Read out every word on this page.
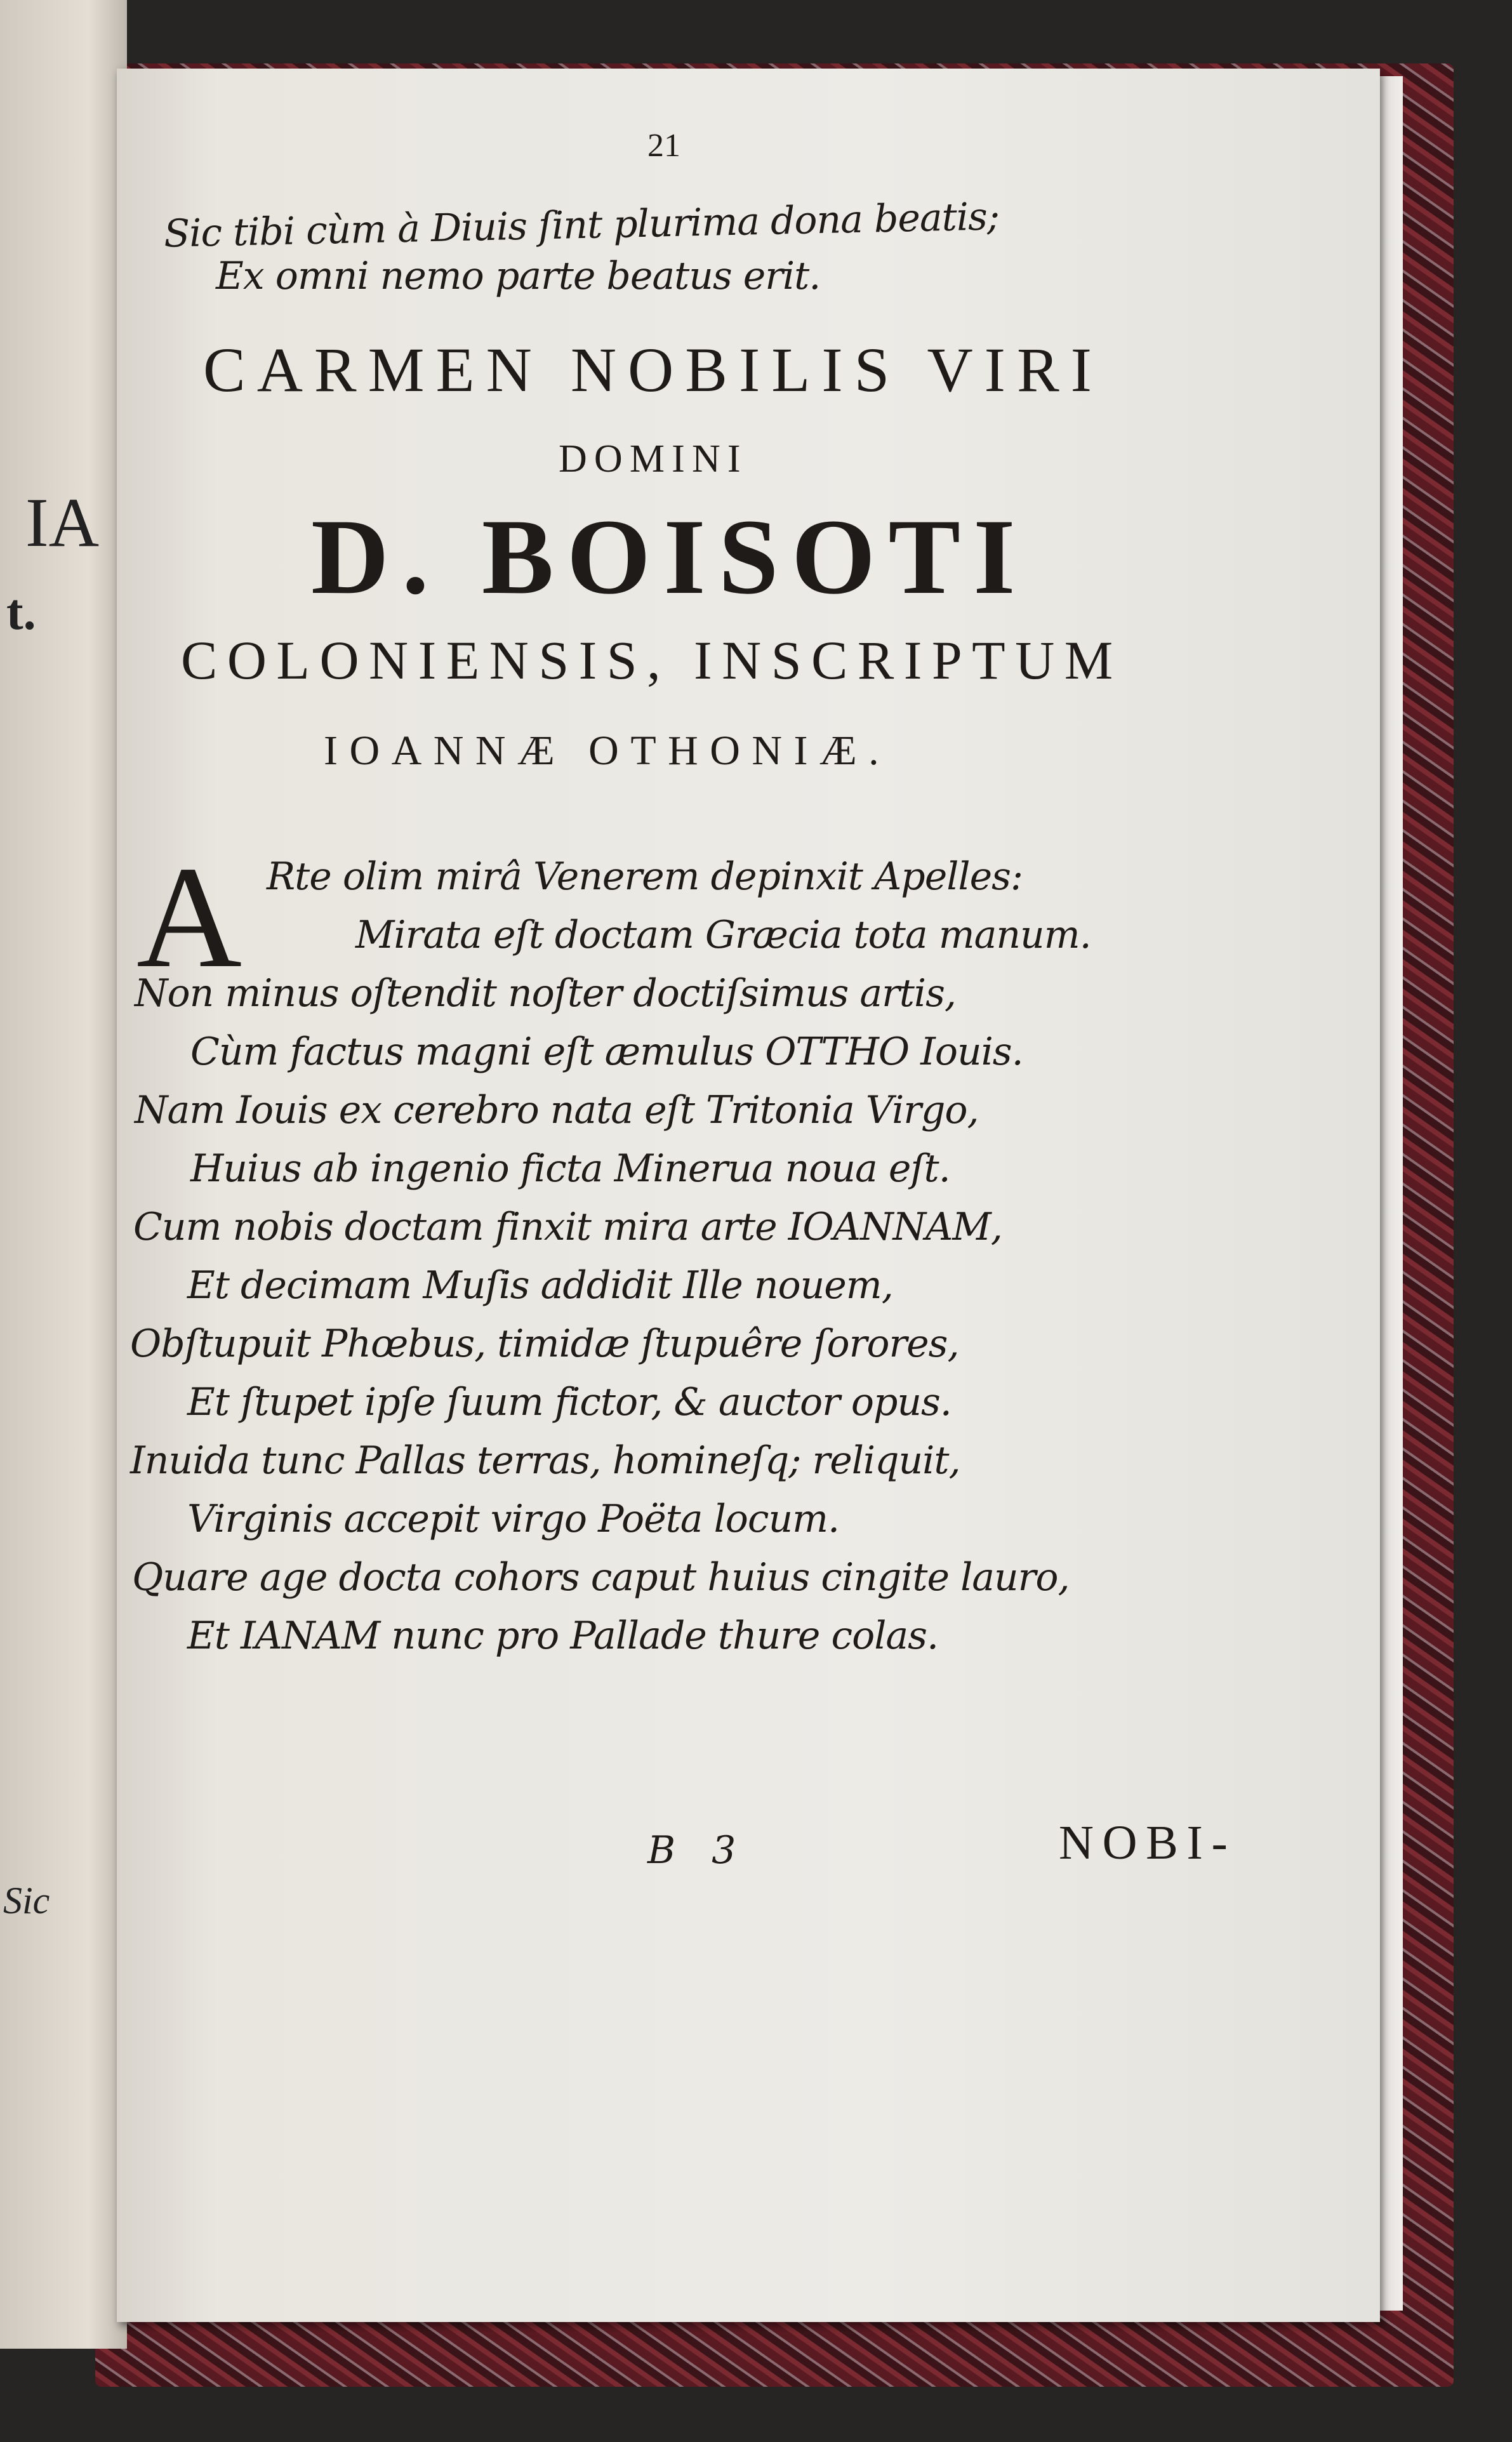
IA
t.
Sic
21
Sic tibi cùm à Diuis ſint plurima dona beatis;
Ex omni nemo parte beatus erit.
CARMEN NOBILIS VIRI
DOMINI
D. BOISOTI
COLONIENSIS, INSCRIPTUM
IOANNÆ OTHONIÆ.
A Rte olim mirâ Venerem depinxit Apelles:
Mirata eſt doctam Græcia tota manum.
Non minus oſtendit noſter doctiſsimus artis,
Cùm factus magni eſt æmulus OTTHO Iouis.
Nam Iouis ex cerebro nata eſt Tritonia Virgo,
Huius ab ingenio ficta Minerua noua eſt.
Cum nobis doctam finxit mira arte IOANNAM,
Et decimam Muſis addidit Ille nouem,
Obſtupuit Phœbus, timidæ ſtupuêre ſorores,
Et ſtupet ipſe ſuum fictor, & auctor opus.
Inuida tunc Pallas terras, homineſq; reliquit,
Virginis accepit virgo Poëta locum.
Quare age docta cohors caput huius cingite lauro,
Et IANAM nunc pro Pallade thure colas.
B 3	NOBI-
